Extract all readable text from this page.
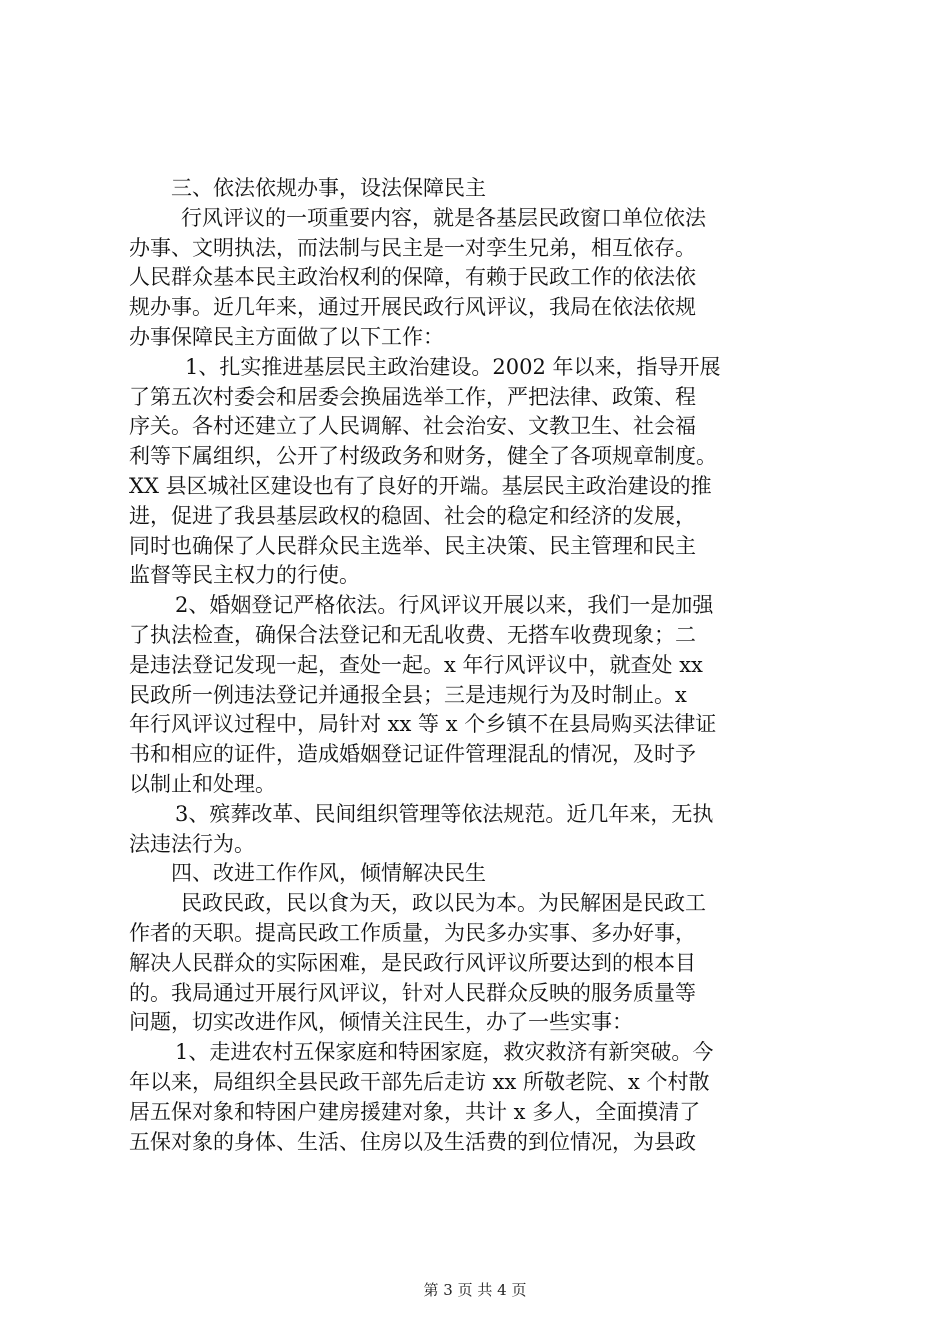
三、依法依规办事，设法保障民主
行风评议的一项重要内容，就是各基层民政窗口单位依法
办事、文明执法，而法制与民主是一对孪生兄弟，相互依存。
人民群众基本民主政治权利的保障，有赖于民政工作的依法依
规办事。近几年来，通过开展民政行风评议，我局在依法依规
办事保障民主方面做了以下工作：
1、扎实推进基层民主政治建设。2002 年以来，指导开展
了第五次村委会和居委会换届选举工作，严把法律、政策、程
序关。各村还建立了人民调解、社会治安、文教卫生、社会福
利等下属组织，公开了村级政务和财务，健全了各项规章制度。
XX 县区城社区建设也有了良好的开端。基层民主政治建设的推
进，促进了我县基层政权的稳固、社会的稳定和经济的发展，
同时也确保了人民群众民主选举、民主决策、民主管理和民主
监督等民主权力的行使。
2、婚姻登记严格依法。行风评议开展以来，我们一是加强
了执法检查，确保合法登记和无乱收费、无搭车收费现象；二
是违法登记发现一起，查处一起。x 年行风评议中，就查处 xx
民政所一例违法登记并通报全县；三是违规行为及时制止。x
年行风评议过程中，局针对 xx 等 x 个乡镇不在县局购买法律证
书和相应的证件，造成婚姻登记证件管理混乱的情况，及时予
以制止和处理。
3、殡葬改革、民间组织管理等依法规范。近几年来，无执
法违法行为。
四、改进工作作风，倾情解决民生
民政民政，民以食为天，政以民为本。为民解困是民政工
作者的天职。提高民政工作质量，为民多办实事、多办好事，
解决人民群众的实际困难，是民政行风评议所要达到的根本目
的。我局通过开展行风评议，针对人民群众反映的服务质量等
问题，切实改进作风，倾情关注民生，办了一些实事：
1、走进农村五保家庭和特困家庭，救灾救济有新突破。今
年以来，局组织全县民政干部先后走访 xx 所敬老院、x 个村散
居五保对象和特困户建房援建对象，共计 x 多人，全面摸清了
五保对象的身体、生活、住房以及生活费的到位情况，为县政
第 3 页 共 4 页
